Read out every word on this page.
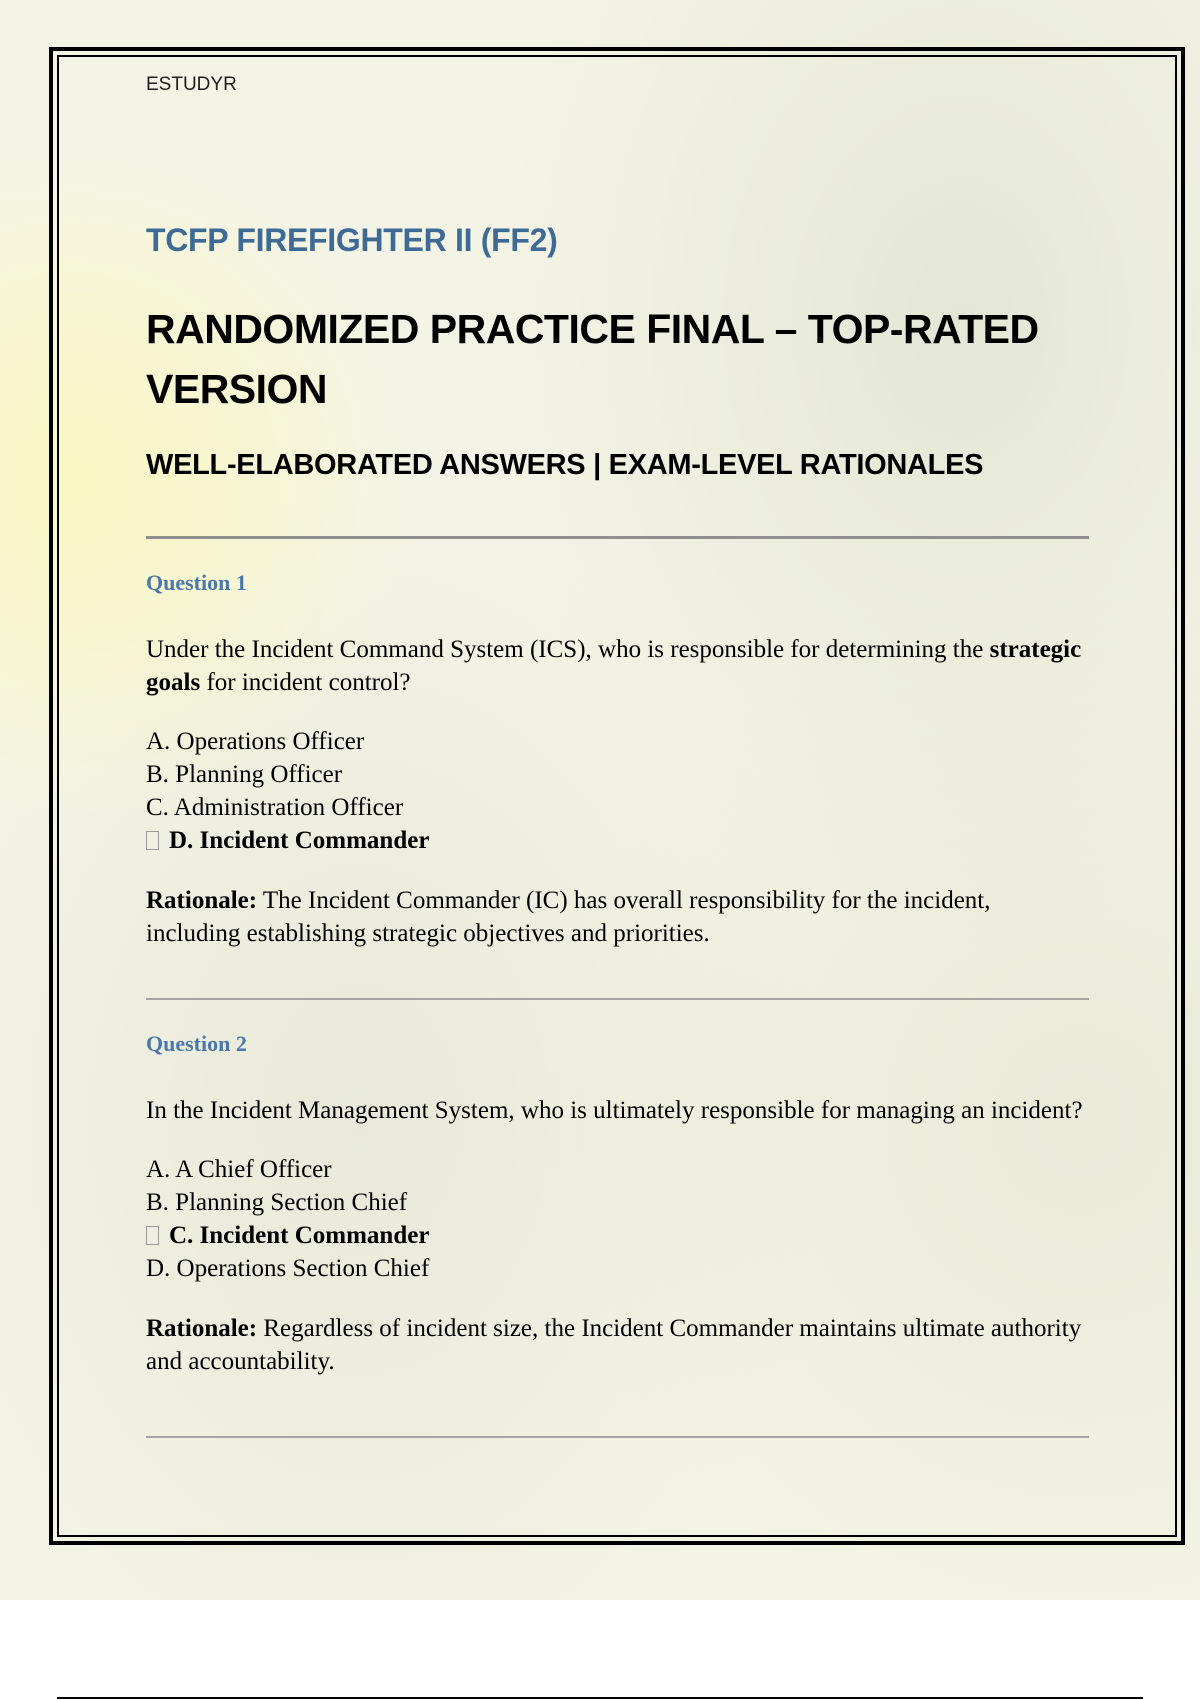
ESTUDYR

TCFP FIREFIGHTER II (FF2)
RANDOMIZED PRACTICE FINAL – TOP-RATED VERSION
WELL-ELABORATED ANSWERS | EXAM-LEVEL RATIONALES

Question 1

Under the Incident Command System (ICS), who is responsible for determining the strategic goals for incident control?

A. Operations Officer
B. Planning Officer
C. Administration Officer
D. Incident Commander

Rationale: The Incident Commander (IC) has overall responsibility for the incident, including establishing strategic objectives and priorities.

Question 2

In the Incident Management System, who is ultimately responsible for managing an incident?

A. A Chief Officer
B. Planning Section Chief
C. Incident Commander
D. Operations Section Chief

Rationale: Regardless of incident size, the Incident Commander maintains ultimate authority and accountability.
